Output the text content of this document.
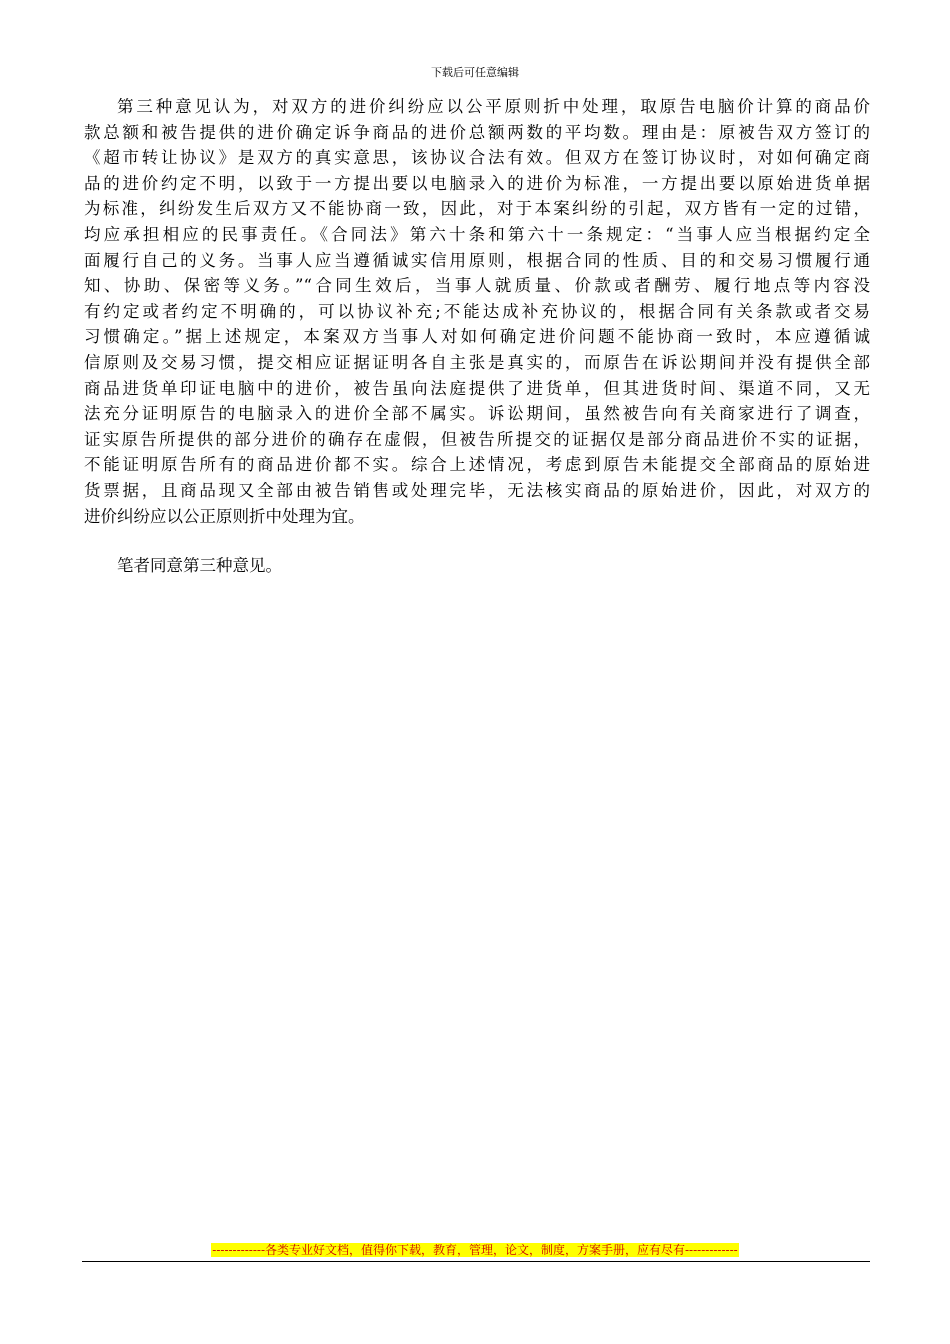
下载后可任意编辑
第三种意见认为，对双方的进价纠纷应以公平原则折中处理，取原告电脑价计算的商品价
款总额和被告提供的进价确定诉争商品的进价总额两数的平均数。理由是：原被告双方签订的
《超市转让协议》是双方的真实意思，该协议合法有效。但双方在签订协议时，对如何确定商
品的进价约定不明，以致于一方提出要以电脑录入的进价为标准，一方提出要以原始进货单据
为标准，纠纷发生后双方又不能协商一致，因此，对于本案纠纷的引起，双方皆有一定的过错，
均应承担相应的民事责任。《合同法》第六十条和第六十一条规定：“当事人应当根据约定全
面履行自己的义务。当事人应当遵循诚实信用原则，根据合同的性质、目的和交易习惯履行通
知、协助、保密等义务。”“合同生效后，当事人就质量、价款或者酬劳、履行地点等内容没
有约定或者约定不明确的，可以协议补充;不能达成补充协议的，根据合同有关条款或者交易
习惯确定。”据上述规定，本案双方当事人对如何确定进价问题不能协商一致时，本应遵循诚
信原则及交易习惯，提交相应证据证明各自主张是真实的，而原告在诉讼期间并没有提供全部
商品进货单印证电脑中的进价，被告虽向法庭提供了进货单，但其进货时间、渠道不同，又无
法充分证明原告的电脑录入的进价全部不属实。诉讼期间，虽然被告向有关商家进行了调查，
证实原告所提供的部分进价的确存在虚假，但被告所提交的证据仅是部分商品进价不实的证据，
不能证明原告所有的商品进价都不实。综合上述情况，考虑到原告未能提交全部商品的原始进
货票据，且商品现又全部由被告销售或处理完毕，无法核实商品的原始进价，因此，对双方的
进价纠纷应以公正原则折中处理为宜。
笔者同意第三种意见。
-------------各类专业好文档，值得你下载，教育，管理，论文，制度，方案手册，应有尽有-------------
